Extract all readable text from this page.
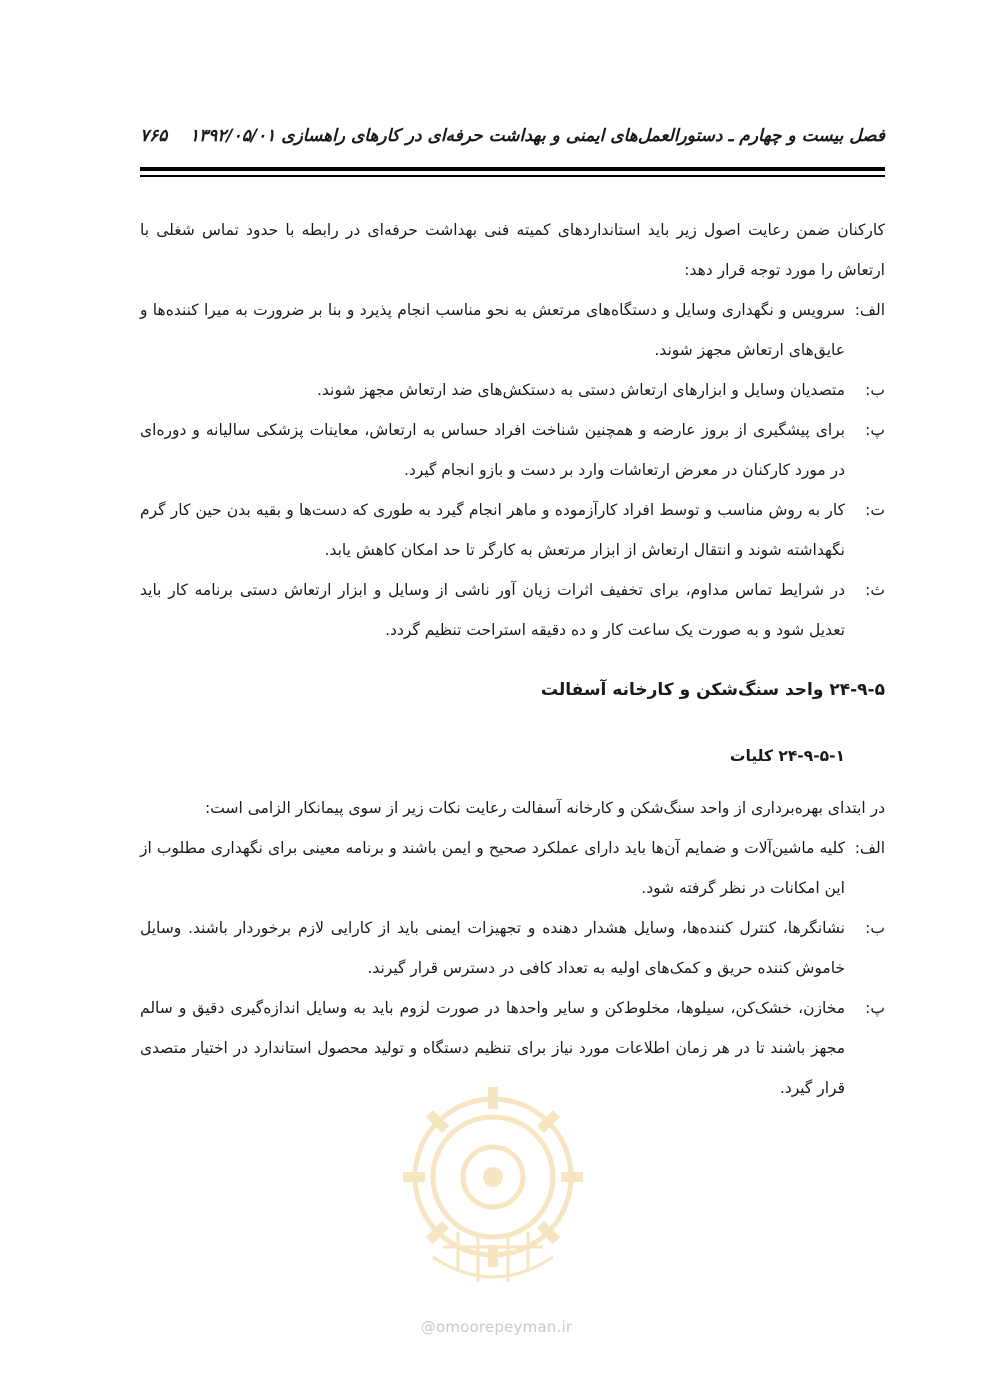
فصل بیست و چهارم ـ دستورالعمل‌های ایمنی و بهداشت حرفه‌ای در کارهای راهسازی ۱۳۹۲/۰۵/۰۱
۷۶۵

کارکنان ضمن رعایت اصول زیر باید استانداردهای کمیته فنی بهداشت حرفه‌ای در رابطه با حدود تماس شغلی با ارتعاش را مورد توجه قرار دهد:

الف:
سرویس و نگهداری وسایل و دستگاه‌های مرتعش به نحو مناسب انجام پذیرد و بنا بر ضرورت به میرا کننده‌ها و عایق‌های ارتعاش مجهز شوند.
ب:
متصدیان وسایل و ابزارهای ارتعاش دستی به دستکش‌های ضد ارتعاش مجهز شوند.
پ:
برای پیشگیری از بروز عارضه و همچنین شناخت افراد حساس به ارتعاش، معاینات پزشکی سالیانه و دوره‌ای در مورد کارکنان در معرض ارتعاشات وارد بر دست و بازو انجام گیرد.
ت:
کار به روش مناسب و توسط افراد کارآزموده و ماهر انجام گیرد به طوری که دست‌ها و بقیه بدن حین کار گرم نگهداشته شوند و انتقال ارتعاش از ابزار مرتعش به کارگر تا حد امکان کاهش یابد.
ث:
در شرایط تماس مداوم، برای تخفیف اثرات زیان آور ناشی از وسایل و ابزار ارتعاش دستی برنامه کار باید تعدیل شود و به صورت یک ساعت کار و ده دقیقه استراحت تنظیم گردد.
۲۴-۹-۵ واحد سنگ‌شکن و کارخانه آسفالت
۲۴-۹-۵-۱ کلیات

در ابتدای بهره‌برداری از واحد سنگ‌شکن و کارخانه آسفالت رعایت نکات زیر از سوی پیمانکار الزامی است:

الف:
کلیه ماشین‌آلات و ضمایم آن‌ها باید دارای عملکرد صحیح و ایمن باشند و برنامه معینی برای نگهداری مطلوب از این امکانات در نظر گرفته شود.
ب:
نشانگرها، کنترل کننده‌ها، وسایل هشدار دهنده و تجهیزات ایمنی باید از کارایی لازم برخوردار باشند. وسایل خاموش کننده حریق و کمک‌های اولیه به تعداد کافی در دسترس قرار گیرند.
پ:
مخازن، خشک‌کن، سیلوها، مخلوط‌کن و سایر واحدها در صورت لزوم باید به وسایل اندازه‌گیری دقیق و سالم مجهز باشند تا در هر زمان اطلاعات مورد نیاز برای تنظیم دستگاه و تولید محصول استاندارد در اختیار متصدی قرار گیرد.
@omoorepeyman.ir
